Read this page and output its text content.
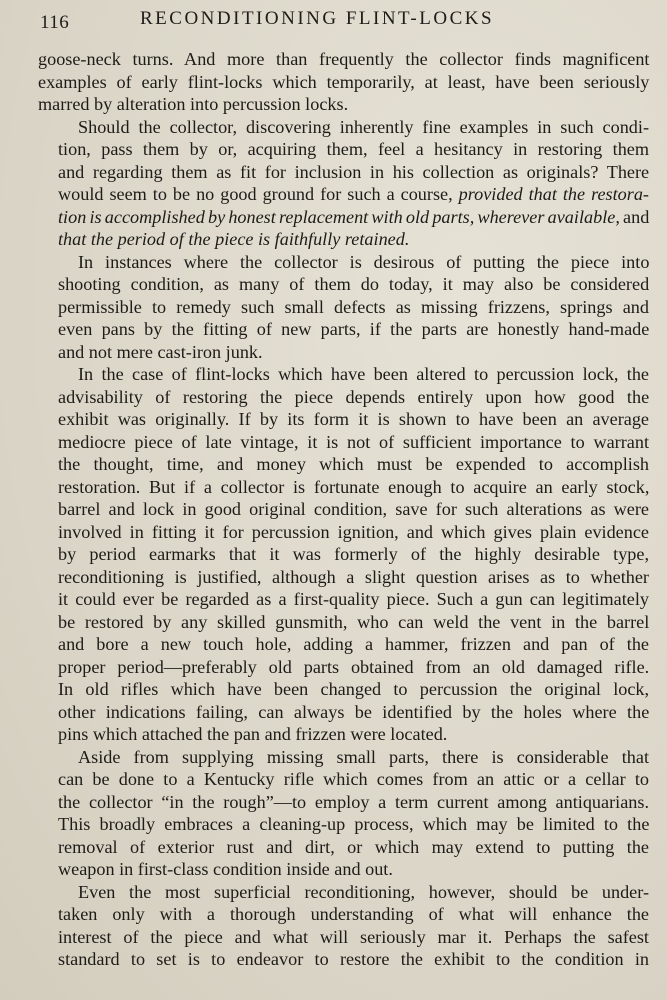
116	RECONDITIONING FLINT-LOCKS
goose-neck turns. And more than frequently the collector finds magnificent
examples of early flint-locks which temporarily, at least, have been seriously
marred by alteration into percussion locks.
Should the collector, discovering inherently fine examples in such condi-
tion, pass them by or, acquiring them, feel a hesitancy in restoring them
and regarding them as fit for inclusion in his collection as originals? There
would seem to be no good ground for such a course, provided that the restora-
tion is accomplished by honest replacement with old parts, wherever available, and
that the period of the piece is faithfully retained.
In instances where the collector is desirous of putting the piece into
shooting condition, as many of them do today, it may also be considered
permissible to remedy such small defects as missing frizzens, springs and
even pans by the fitting of new parts, if the parts are honestly hand-made
and not mere cast-iron junk.
In the case of flint-locks which have been altered to percussion lock, the
advisability of restoring the piece depends entirely upon how good the
exhibit was originally. If by its form it is shown to have been an average
mediocre piece of late vintage, it is not of sufficient importance to warrant
the thought, time, and money which must be expended to accomplish
restoration. But if a collector is fortunate enough to acquire an early stock,
barrel and lock in good original condition, save for such alterations as were
involved in fitting it for percussion ignition, and which gives plain evidence
by period earmarks that it was formerly of the highly desirable type,
reconditioning is justified, although a slight question arises as to whether
it could ever be regarded as a first-quality piece. Such a gun can legitimately
be restored by any skilled gunsmith, who can weld the vent in the barrel
and bore a new touch hole, adding a hammer, frizzen and pan of the
proper period—preferably old parts obtained from an old damaged rifle.
In old rifles which have been changed to percussion the original lock,
other indications failing, can always be identified by the holes where the
pins which attached the pan and frizzen were located.
Aside from supplying missing small parts, there is considerable that
can be done to a Kentucky rifle which comes from an attic or a cellar to
the collector “in the rough”—to employ a term current among antiquarians.
This broadly embraces a cleaning-up process, which may be limited to the
removal of exterior rust and dirt, or which may extend to putting the
weapon in first-class condition inside and out.
Even the most superficial reconditioning, however, should be under-
taken only with a thorough understanding of what will enhance the
interest of the piece and what will seriously mar it. Perhaps the safest
standard to set is to endeavor to restore the exhibit to the condition in
